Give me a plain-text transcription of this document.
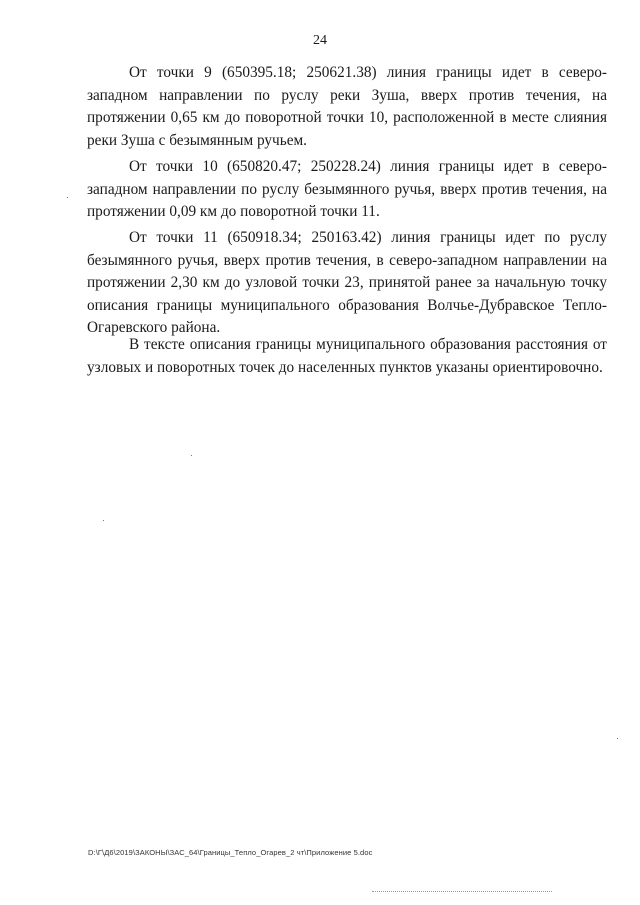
24

От точки 9 (650395.18; 250621.38) линия границы идет в северо-западном направлении по руслу реки Зуша, вверх против течения, на протяжении 0,65 км до поворотной точки 10, расположенной в месте слияния реки Зуша с безымянным ручьем.

От точки 10 (650820.47; 250228.24) линия границы идет в северо-западном направлении по руслу безымянного ручья, вверх против течения, на протяжении 0,09 км до поворотной точки 11.

От точки 11 (650918.34; 250163.42) линия границы идет по руслу безымянного ручья, вверх против течения, в северо-западном направлении на протяжении 2,30 км до узловой точки 23, принятой ранее за начальную точку описания границы муниципального образования Волчье-Дубравское Тепло-Огаревского района.

В тексте описания границы муниципального образования расстояния от узловых и поворотных точек до населенных пунктов указаны ориентировочно.

D:\Г\Д6\2019\ЗАКОНЫ\ЗАС_64\Границы_Тепло_Огарев_2 чт\Приложение 5.doc
